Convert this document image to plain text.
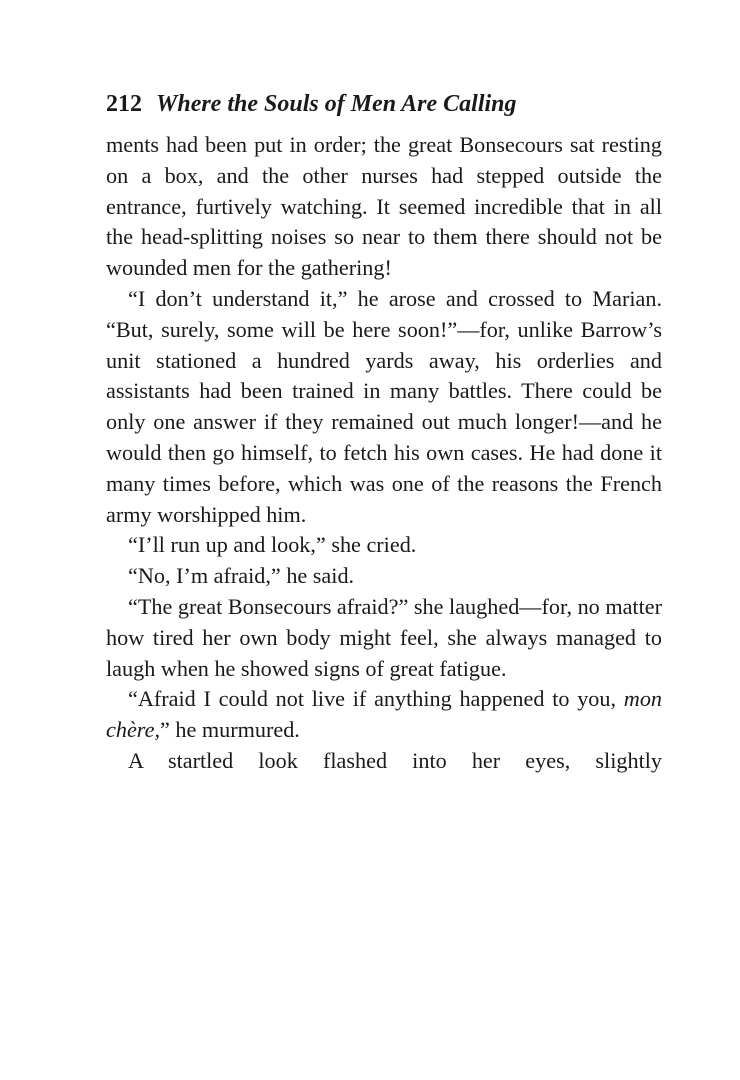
212 Where the Souls of Men Are Calling

ments had been put in order; the great Bonsecours sat resting on a box, and the other nurses had stepped outside the entrance, furtively watching. It seemed incredible that in all the head-splitting noises so near to them there should not be wounded men for the gathering!

“I don’t understand it,” he arose and crossed to Marian. “But, surely, some will be here soon!”—for, unlike Barrow’s unit stationed a hundred yards away, his orderlies and assistants had been trained in many battles. There could be only one answer if they remained out much longer!—and he would then go himself, to fetch his own cases. He had done it many times before, which was one of the reasons the French army worshipped him.

“I’ll run up and look,” she cried.

“No, I’m afraid,” he said.

“The great Bonsecours afraid?” she laughed—for, no matter how tired her own body might feel, she always managed to laugh when he showed signs of great fatigue.

“Afraid I could not live if anything happened to you, mon chère,” he murmured.

A startled look flashed into her eyes, slightly
